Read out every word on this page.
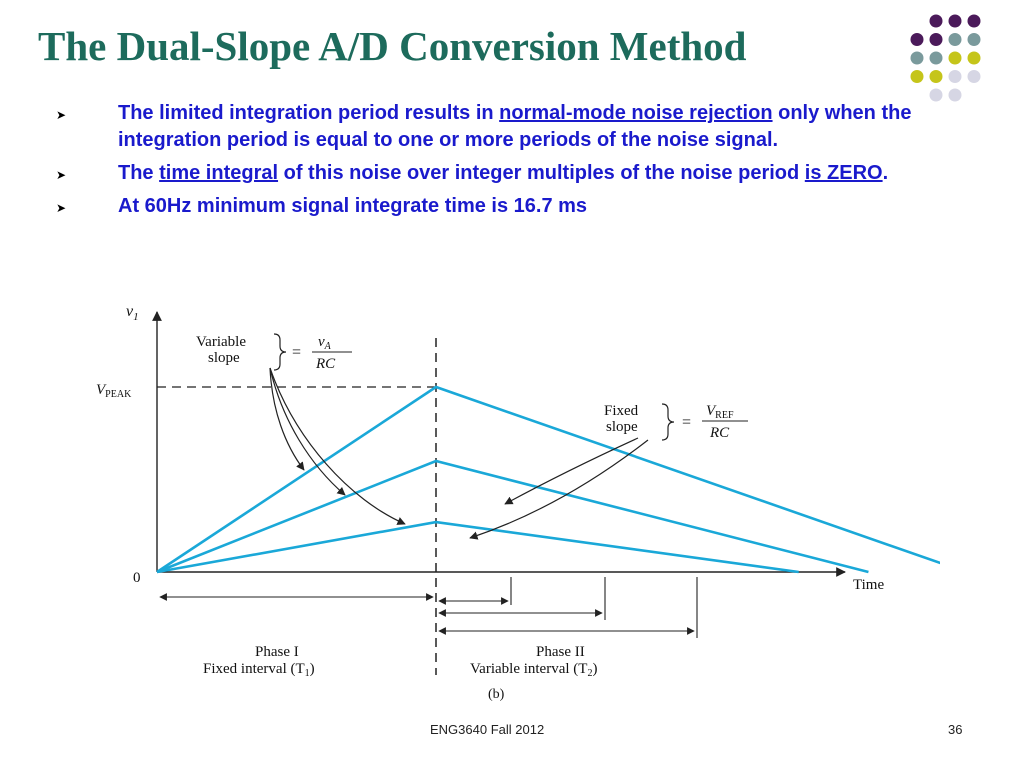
The Dual-Slope A/D Conversion Method
➤	The limited integration period results in normal-mode noise rejection only when the integration period is equal to one or more periods of the noise signal.
➤	The time integral of this noise over integer multiples of the noise period is ZERO.
➤	At 60Hz minimum signal integrate time is 16.7 ms
$v_1$
Time
0
$V_{PEAK}$
Variable
slope	=
$v_A$
RC
Fixed
slope	=
$V_{REF}$
RC
Phase I
Fixed interval $(T_1)$
Phase II
Variable interval $(T_2)$
(b)
ENG3640 Fall 2012	36
